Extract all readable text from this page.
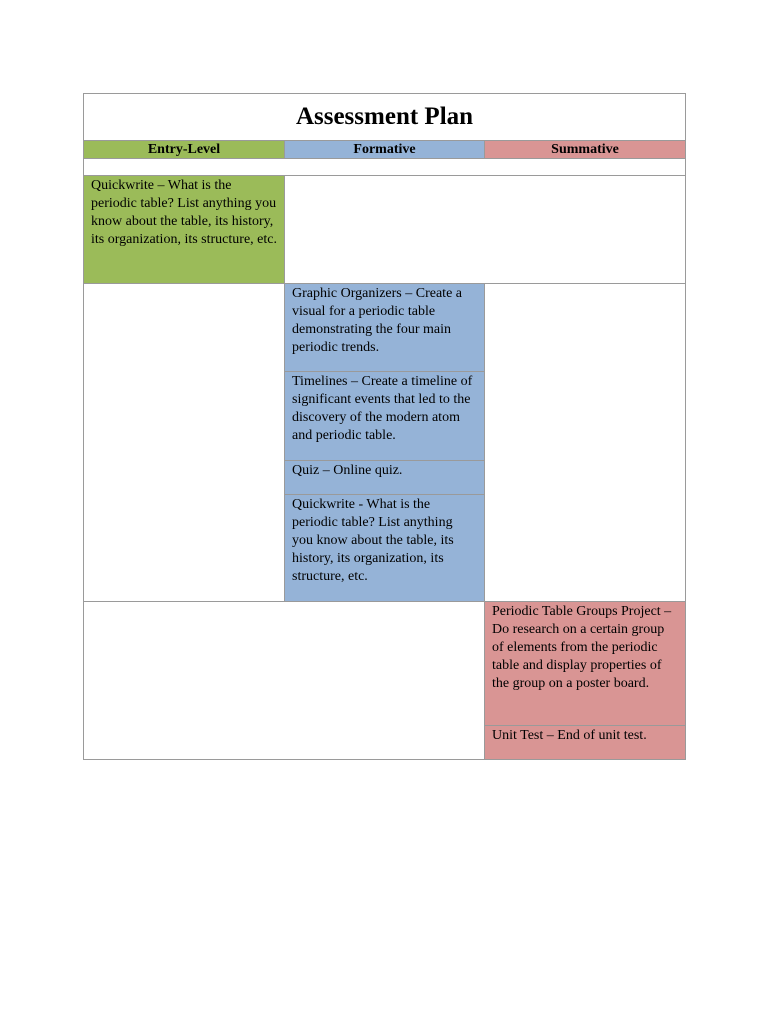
Assessment Plan		
Entry-Level	Formative	Summative

Quickwrite – What is the periodic table? List anything you know about the table, its history, its organization, its structure, etc.		
	Graphic Organizers – Create a visual for a periodic table demonstrating the four main periodic trends.	
	Timelines – Create a timeline of significant events that led to the discovery of the modern atom and periodic table.	
	Quiz – Online quiz.	
	Quickwrite - What is the periodic table? List anything you know about the table, its history, its organization, its structure, etc.	
		Periodic Table Groups Project – Do research on a certain group of elements from the periodic table and display properties of the group on a poster board.
		Unit Test – End of unit test.
